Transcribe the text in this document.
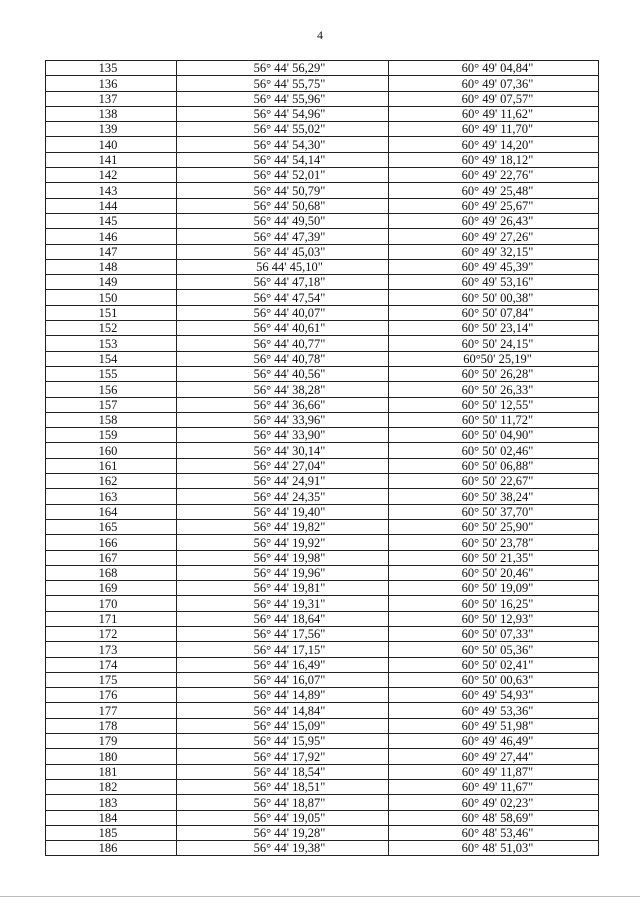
4
135	56° 44' 56,29"	60° 49' 04,84"
136	56° 44' 55,75"	60° 49' 07,36"
137	56° 44' 55,96"	60° 49' 07,57"
138	56° 44' 54,96"	60° 49' 11,62"
139	56° 44' 55,02"	60° 49' 11,70"
140	56° 44' 54,30"	60° 49' 14,20"
141	56° 44' 54,14"	60° 49' 18,12"
142	56° 44' 52,01"	60° 49' 22,76"
143	56° 44' 50,79"	60° 49' 25,48"
144	56° 44' 50,68"	60° 49' 25,67"
145	56° 44' 49,50"	60° 49' 26,43"
146	56° 44' 47,39"	60° 49' 27,26"
147	56° 44' 45,03"	60° 49' 32,15"
148	56 44' 45,10"	60° 49' 45,39"
149	56° 44' 47,18"	60° 49' 53,16"
150	56° 44' 47,54"	60° 50' 00,38"
151	56° 44' 40,07"	60° 50' 07,84"
152	56° 44' 40,61"	60° 50' 23,14"
153	56° 44' 40,77"	60° 50' 24,15"
154	56° 44' 40,78"	60°50' 25,19"
155	56° 44' 40,56"	60° 50' 26,28"
156	56° 44' 38,28"	60° 50' 26,33"
157	56° 44' 36,66"	60° 50' 12,55"
158	56° 44' 33,96"	60° 50' 11,72"
159	56° 44' 33,90"	60° 50' 04,90"
160	56° 44' 30,14"	60° 50' 02,46"
161	56° 44' 27,04"	60° 50' 06,88"
162	56° 44' 24,91"	60° 50' 22,67"
163	56° 44' 24,35"	60° 50' 38,24"
164	56° 44' 19,40"	60° 50' 37,70"
165	56° 44' 19,82"	60° 50' 25,90"
166	56° 44' 19,92"	60° 50' 23,78"
167	56° 44' 19,98"	60° 50' 21,35"
168	56° 44' 19,96"	60° 50' 20,46"
169	56° 44' 19,81"	60° 50' 19,09"
170	56° 44' 19,31"	60° 50' 16,25"
171	56° 44' 18,64"	60° 50' 12,93"
172	56° 44' 17,56"	60° 50' 07,33"
173	56° 44' 17,15"	60° 50' 05,36"
174	56° 44' 16,49"	60° 50' 02,41"
175	56° 44' 16,07"	60° 50' 00,63"
176	56° 44' 14,89"	60° 49' 54,93"
177	56° 44' 14,84"	60° 49' 53,36"
178	56° 44' 15,09"	60° 49' 51,98"
179	56° 44' 15,95"	60° 49' 46,49"
180	56° 44' 17,92"	60° 49' 27,44"
181	56° 44' 18,54"	60° 49' 11,87"
182	56° 44' 18,51"	60° 49' 11,67"
183	56° 44' 18,87"	60° 49' 02,23"
184	56° 44' 19,05"	60° 48' 58,69"
185	56° 44' 19,28"	60° 48' 53,46"
186	56° 44' 19,38"	60° 48' 51,03"
